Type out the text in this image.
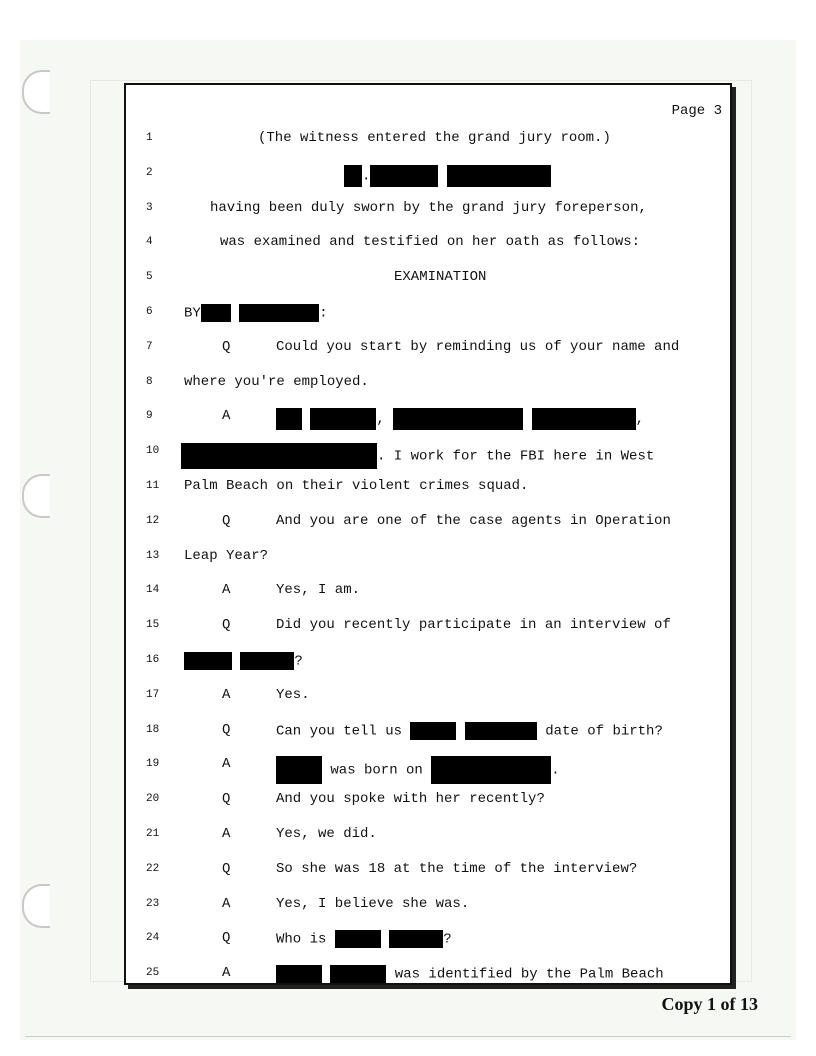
Page 3
1	(The witness entered the grand jury room.)
2	.
3	having been duly sworn by the grand jury foreperson,
4	was examined and testified on her oath as follows:
5	EXAMINATION
6 BY	:
7	Q	Could you start by reminding us of your name and
8 where you're employed.
9	A	,	,
10	. I work for the FBI here in West
11 Palm Beach on their violent crimes squad.
12	Q	And you are one of the case agents in Operation
13 Leap Year?
14	A	Yes, I am.
15	Q	Did you recently participate in an interview of
16	?
17	A	Yes.
18	Q	Can you tell us	date of birth?
19	A	was born on	.
20	Q	And you spoke with her recently?
21	A	Yes, we did.
22	Q	So she was 18 at the time of the interview?
23	A	Yes, I believe she was.
24	Q	Who is	?
25	A	was identified by the Palm Beach
Copy 1 of 13
